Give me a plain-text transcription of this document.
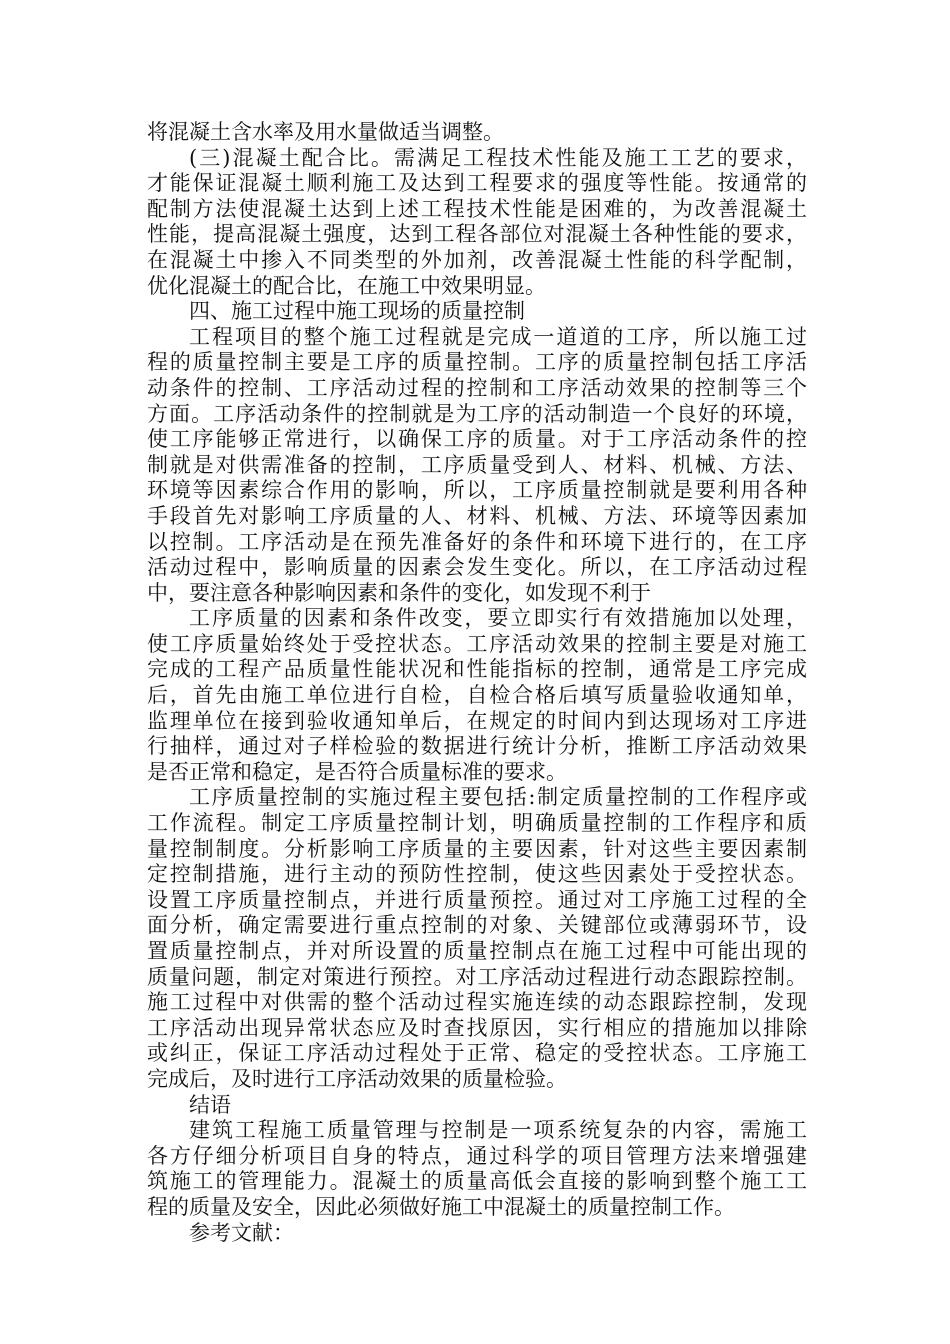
将混凝土含水率及用水量做适当调整。
(三)混凝土配合比。需满足工程技术性能及施工工艺的要求，
才能保证混凝土顺利施工及达到工程要求的强度等性能。按通常的
配制方法使混凝土达到上述工程技术性能是困难的，为改善混凝土
性能，提高混凝土强度，达到工程各部位对混凝土各种性能的要求，
在混凝土中掺入不同类型的外加剂，改善混凝土性能的科学配制，
优化混凝土的配合比，在施工中效果明显。
四、施工过程中施工现场的质量控制
工程项目的整个施工过程就是完成一道道的工序，所以施工过
程的质量控制主要是工序的质量控制。工序的质量控制包括工序活
动条件的控制、工序活动过程的控制和工序活动效果的控制等三个
方面。工序活动条件的控制就是为工序的活动制造一个良好的环境，
使工序能够正常进行，以确保工序的质量。对于工序活动条件的控
制就是对供需准备的控制，工序质量受到人、材料、机械、方法、
环境等因素综合作用的影响，所以，工序质量控制就是要利用各种
手段首先对影响工序质量的人、材料、机械、方法、环境等因素加
以控制。工序活动是在预先准备好的条件和环境下进行的，在工序
活动过程中，影响质量的因素会发生变化。所以，在工序活动过程
中，要注意各种影响因素和条件的变化，如发现不利于
工序质量的因素和条件改变，要立即实行有效措施加以处理，
使工序质量始终处于受控状态。工序活动效果的控制主要是对施工
完成的工程产品质量性能状况和性能指标的控制，通常是工序完成
后，首先由施工单位进行自检，自检合格后填写质量验收通知单，
监理单位在接到验收通知单后，在规定的时间内到达现场对工序进
行抽样，通过对子样检验的数据进行统计分析，推断工序活动效果
是否正常和稳定，是否符合质量标准的要求。
工序质量控制的实施过程主要包括:制定质量控制的工作程序或
工作流程。制定工序质量控制计划，明确质量控制的工作程序和质
量控制制度。分析影响工序质量的主要因素，针对这些主要因素制
定控制措施，进行主动的预防性控制，使这些因素处于受控状态。
设置工序质量控制点，并进行质量预控。通过对工序施工过程的全
面分析，确定需要进行重点控制的对象、关键部位或薄弱环节，设
置质量控制点，并对所设置的质量控制点在施工过程中可能出现的
质量问题，制定对策进行预控。对工序活动过程进行动态跟踪控制。
施工过程中对供需的整个活动过程实施连续的动态跟踪控制，发现
工序活动出现异常状态应及时查找原因，实行相应的措施加以排除
或纠正，保证工序活动过程处于正常、稳定的受控状态。工序施工
完成后，及时进行工序活动效果的质量检验。
结语
建筑工程施工质量管理与控制是一项系统复杂的内容，需施工
各方仔细分析项目自身的特点，通过科学的项目管理方法来增强建
筑施工的管理能力。混凝土的质量高低会直接的影响到整个施工工
程的质量及安全，因此必须做好施工中混凝土的质量控制工作。
参考文献：
